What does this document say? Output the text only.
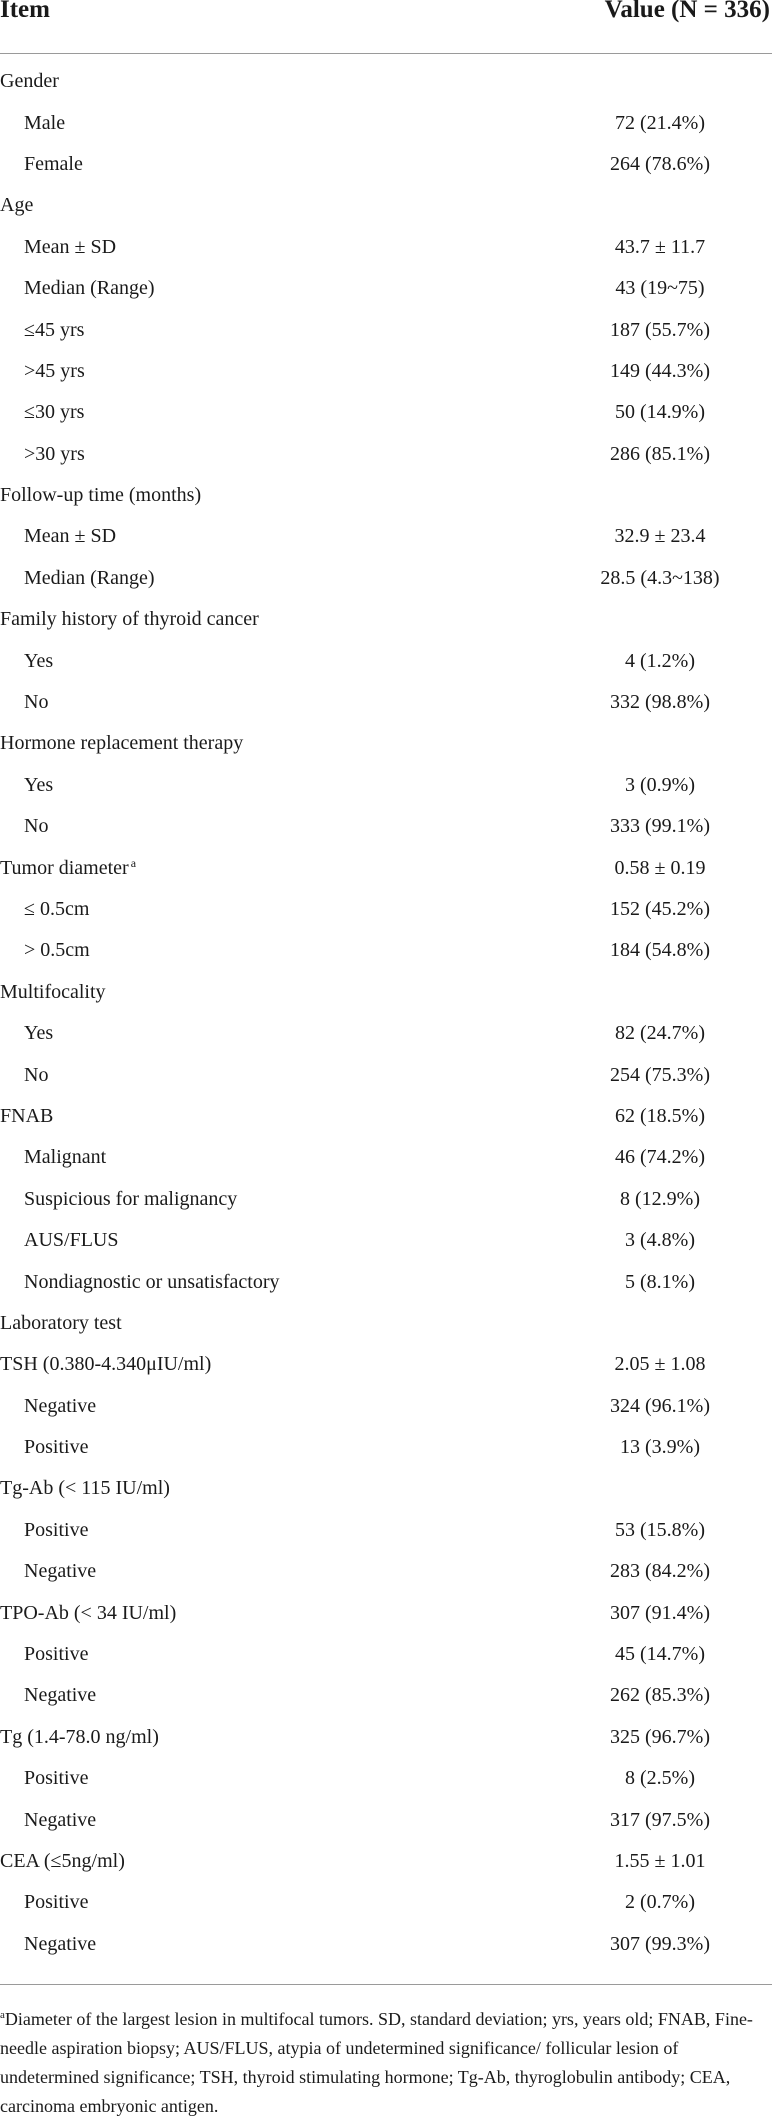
Item	Value (N = 336)
Gender
Male	72 (21.4%)
Female	264 (78.6%)
Age
Mean ± SD	43.7 ± 11.7
Median (Range)	43 (19~75)
≤45 yrs	187 (55.7%)
>45 yrs	149 (44.3%)
≤30 yrs	50 (14.9%)
>30 yrs	286 (85.1%)
Follow-up time (months)
Mean ± SD	32.9 ± 23.4
Median (Range)	28.5 (4.3~138)
Family history of thyroid cancer
Yes	4 (1.2%)
No	332 (98.8%)
Hormone replacement therapy
Yes	3 (0.9%)
No	333 (99.1%)
Tumor diameter $^a$	0.58 ± 0.19
≤ 0.5cm	152 (45.2%)
> 0.5cm	184 (54.8%)
Multifocality
Yes	82 (24.7%)
No	254 (75.3%)
FNAB	62 (18.5%)
Malignant	46 (74.2%)
Suspicious for malignancy	8 (12.9%)
AUS/FLUS	3 (4.8%)
Nondiagnostic or unsatisfactory	5 (8.1%)
Laboratory test
TSH (0.380-4.340μIU/ml)	2.05 ± 1.08
Negative	324 (96.1%)
Positive	13 (3.9%)
Tg-Ab (< 115 IU/ml)
Positive	53 (15.8%)
Negative	283 (84.2%)
TPO-Ab (< 34 IU/ml)	307 (91.4%)
Positive	45 (14.7%)
Negative	262 (85.3%)
Tg (1.4-78.0 ng/ml)	325 (96.7%)
Positive	8 (2.5%)
Negative	317 (97.5%)
CEA (≤5ng/ml)	1.55 ± 1.01
Positive	2 (0.7%)
Negative	307 (99.3%)
$^a$Diameter of the largest lesion in multifocal tumors. SD, standard deviation; yrs, years old; FNAB, Fine-needle aspiration biopsy; AUS/FLUS, atypia of undetermined significance/ follicular lesion of undetermined significance; TSH, thyroid stimulating hormone; Tg-Ab, thyroglobulin antibody; CEA, carcinoma embryonic antigen.
